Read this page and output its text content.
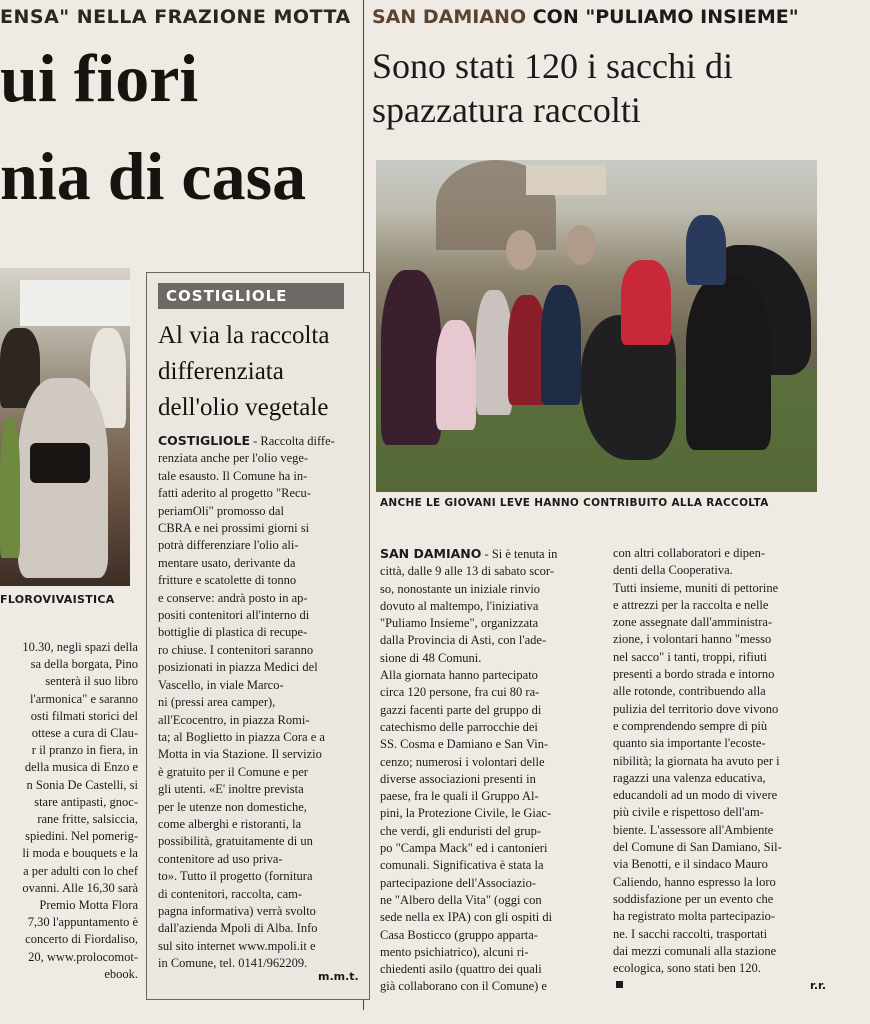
ENSA" NELLA FRAZIONE MOTTA
ui fiori
nia di casa
FLOROVIVAISTICA
10.30, negli spazi della
sa della borgata, Pino
senterà il suo libro
l'armonica" e saranno
osti filmati storici del
ottese a cura di Clau-
r il pranzo in fiera, in
della musica di Enzo e
n Sonia De Castelli, si
stare antipasti, gnoc-
rane fritte, salsiccia,
spiedini. Nel pomerig-
li moda e bouquets e la
a per adulti con lo chef
ovanni. Alle 16,30 sarà
Premio Motta Flora
7,30 l'appuntamento è
concerto di Fiordaliso,
20, www.prolocomot-
ebook.
COSTIGLIOLE
Al via la raccolta
differenziata
dell'olio vegetale
COSTIGLIOLE - Raccolta diffe-
renziata anche per l'olio vege-
tale esausto. Il Comune ha in-
fatti aderito al progetto "Recu-
periamOli" promosso dal
CBRA e nei prossimi giorni si
potrà differenziare l'olio ali-
mentare usato, derivante da
fritture e scatolette di tonno
e conserve: andrà posto in ap-
positi contenitori all'interno di
bottiglie di plastica di recupe-
ro chiuse. I contenitori saranno
posizionati in piazza Medici del
Vascello, in viale Marco-
ni (pressi area camper),
all'Ecocentro, in piazza Romi-
ta; al Boglietto in piazza Cora e a
Motta in via Stazione. Il servizio
è gratuito per il Comune e per
gli utenti. «E' inoltre prevista
per le utenze non domestiche,
come alberghi e ristoranti, la
possibilità, gratuitamente di un
contenitore ad uso priva-
to». Tutto il progetto (fornitura
di contenitori, raccolta, cam-
pagna informativa) verrà svolto
dall'azienda Mpoli di Alba. Info
sul sito internet www.mpoli.it e
in Comune, tel. 0141/962209.
m.m.t.
SAN DAMIANO CON "PULIAMO INSIEME"
Sono stati 120 i sacchi di spazzatura raccolti
ANCHE LE GIOVANI LEVE HANNO CONTRIBUITO ALLA RACCOLTA
SAN DAMIANO - Si è tenuta in
città, dalle 9 alle 13 di sabato scor-
so, nonostante un iniziale rinvio
dovuto al maltempo, l'iniziativa
"Puliamo Insieme", organizzata
dalla Provincia di Asti, con l'ade-
sione di 48 Comuni.
Alla giornata hanno partecipato
circa 120 persone, fra cui 80 ra-
gazzi facenti parte del gruppo di
catechismo delle parrocchie dei
SS. Cosma e Damiano e San Vin-
cenzo; numerosi i volontari delle
diverse associazioni presenti in
paese, fra le quali il Gruppo Al-
pini, la Protezione Civile, le Giac-
che verdi, gli enduristi del grup-
po "Campa Mack" ed i cantonieri
comunali. Significativa è stata la
partecipazione dell'Associazio-
ne "Albero della Vita" (oggi con
sede nella ex IPA) con gli ospiti di
Casa Bosticco (gruppo apparta-
mento psichiatrico), alcuni ri-
chiedenti asilo (quattro dei quali
già collaborano con il Comune) e
con altri collaboratori e dipen-
denti della Cooperativa.
Tutti insieme, muniti di pettorine
e attrezzi per la raccolta e nelle
zone assegnate dall'amministra-
zione, i volontari hanno "messo
nel sacco" i tanti, troppi, rifiuti
presenti a bordo strada e intorno
alle rotonde, contribuendo alla
pulizia del territorio dove vivono
e comprendendo sempre di più
quanto sia importante l'ecoste-
nibilità; la giornata ha avuto per i
ragazzi una valenza educativa,
educandoli ad un modo di vivere
più civile e rispettoso dell'am-
biente. L'assessore all'Ambiente
del Comune di San Damiano, Sil-
via Benotti, e il sindaco Mauro
Caliendo, hanno espresso la loro
soddisfazione per un evento che
ha registrato molta partecipazio-
ne. I sacchi raccolti, trasportati
dai mezzi comunali alla stazione
ecologica, sono stati ben 120.
r.r.
